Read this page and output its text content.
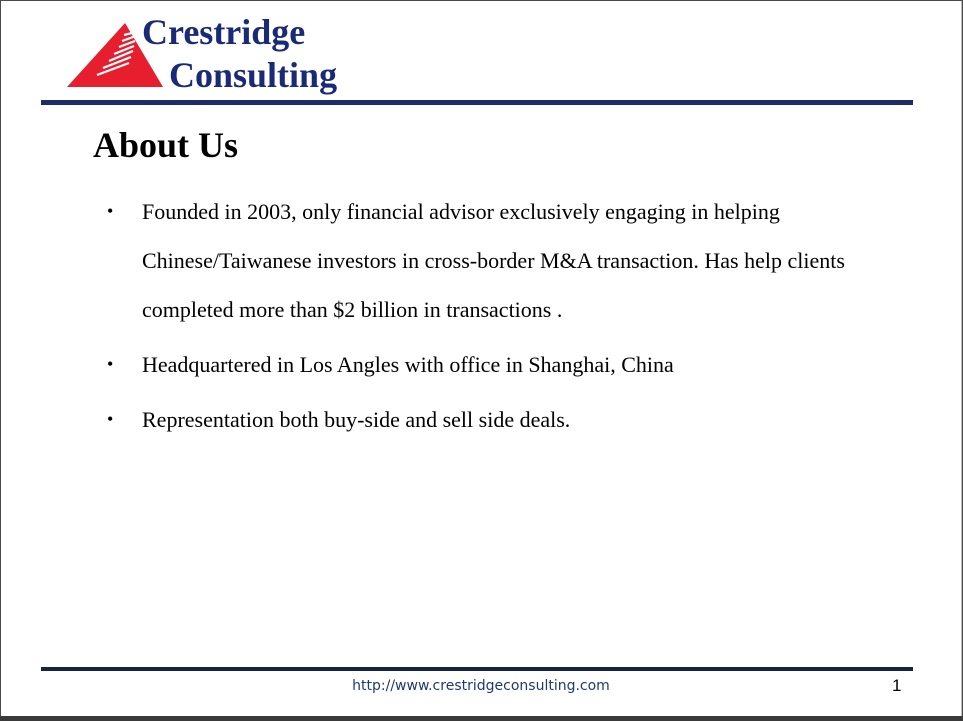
Crestridge
Consulting
About Us
• Founded in 2003, only financial advisor exclusively engaging in helping Chinese/Taiwanese investors in cross-border M&A transaction. Has help clients completed more than $2 billion in transactions .
• Headquartered in Los Angles with office in Shanghai, China
• Representation both buy-side and sell side deals.
http://www.crestridgeconsulting.com	1
